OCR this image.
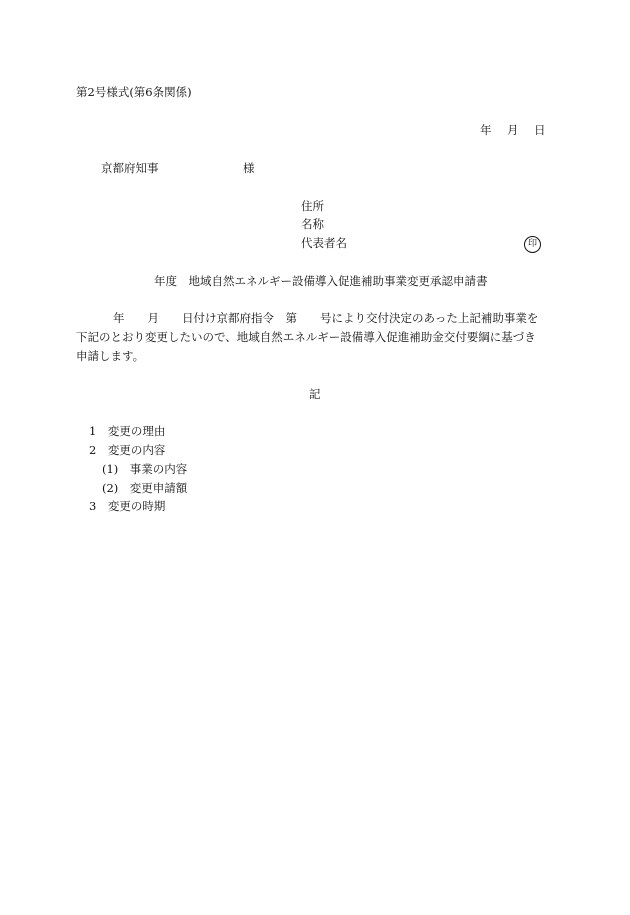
第2号様式(第6条関係)
年　月　日
京都府知事	様
住所
名称
代表者名	印
年度　地域自然エネルギー設備導入促進補助事業変更承認申請書
年　　月　　日付け京都府指令　第　　号により交付決定のあった上記補助事業を
下記のとおり変更したいので、地域自然エネルギー設備導入促進補助金交付要綱に基づき
申請します。
記
1　変更の理由
2　変更の内容
(1)　事業の内容
(2)　変更申請額
3　変更の時期
